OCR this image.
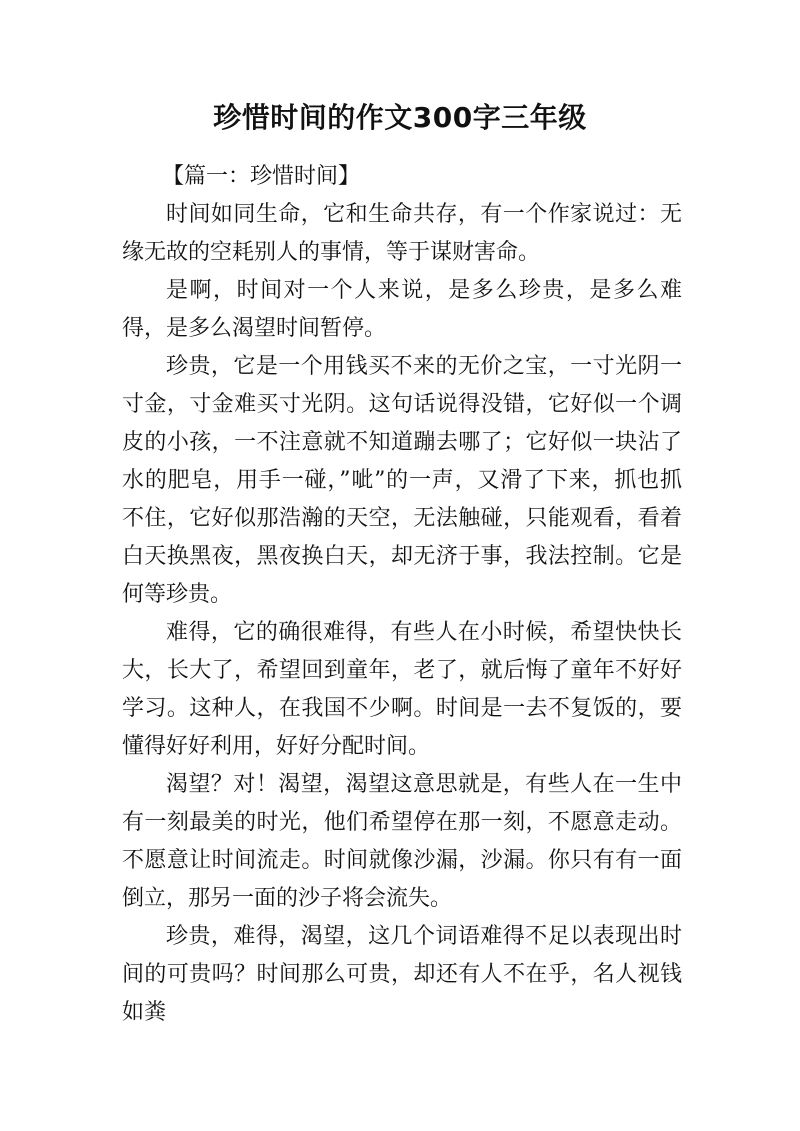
珍惜时间的作文300字三年级

【篇一：珍惜时间】

时间如同生命，它和生命共存，有一个作家说过：无缘无故的空耗别人的事情，等于谋财害命。

是啊，时间对一个人来说，是多么珍贵，是多么难得，是多么渴望时间暂停。

珍贵，它是一个用钱买不来的无价之宝，一寸光阴一寸金，寸金难买寸光阴。这句话说得没错，它好似一个调皮的小孩，一不注意就不知道蹦去哪了；它好似一块沾了水的肥皂，用手一碰，”呲”的一声，又滑了下来，抓也抓不住，它好似那浩瀚的天空，无法触碰，只能观看，看着白天换黑夜，黑夜换白天，却无济于事，我法控制。它是何等珍贵。

难得，它的确很难得，有些人在小时候，希望快快长大，长大了，希望回到童年，老了，就后悔了童年不好好学习。这种人，在我国不少啊。时间是一去不复饭的，要懂得好好利用，好好分配时间。

渴望？对！渴望，渴望这意思就是，有些人在一生中有一刻最美的时光，他们希望停在那一刻，不愿意走动。不愿意让时间流走。时间就像沙漏，沙漏。你只有有一面倒立，那另一面的沙子将会流失。

珍贵，难得，渴望，这几个词语难得不足以表现出时间的可贵吗？时间那么可贵，却还有人不在乎，名人视钱如粪
